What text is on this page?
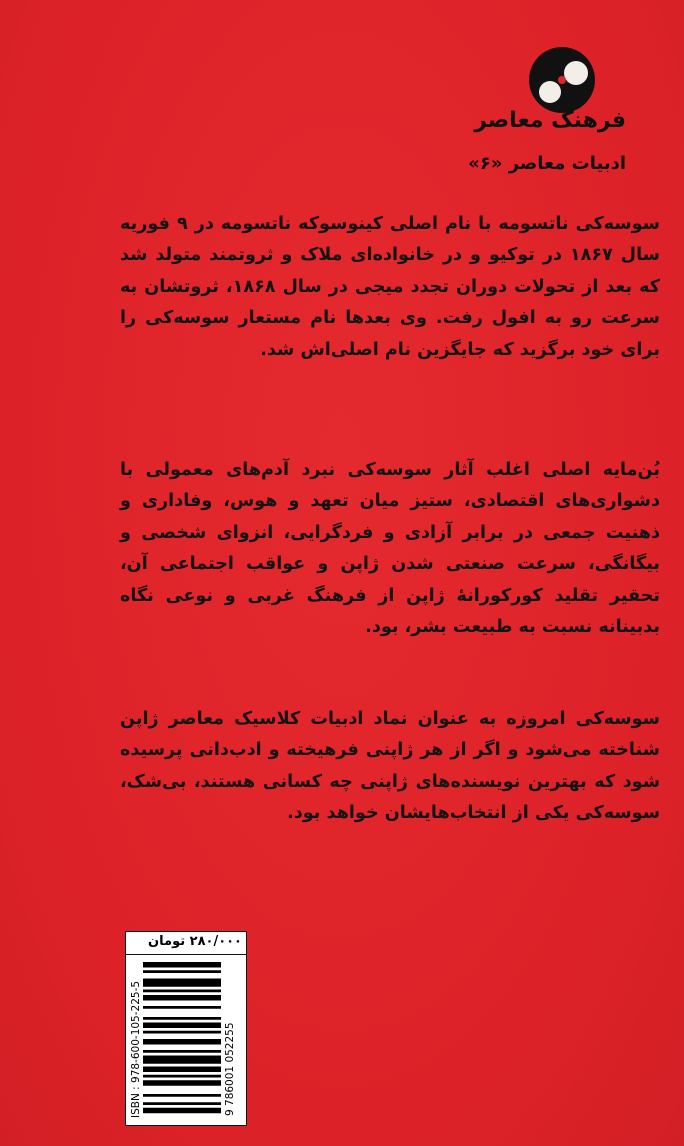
فرهنگ معاصر
ادبیات معاصر «۶»
سوسه‌کی ناتسومه با نام اصلی کینوسوکه ناتسومه در ۹ فوریه سال ۱۸۶۷ در توکیو و در خانواده‌ای ملاک و ثروتمند متولد شد که بعد از تحولات دوران تجدد میجی در سال ۱۸۶۸، ثروتشان به سرعت رو به افول رفت. وی بعدها نام مستعار سوسه‌کی را برای خود برگزید که جایگزین نام اصلی‌اش شد.
بُن‌مایه اصلی اغلب آثار سوسه‌کی نبرد آدم‌های معمولی با دشواری‌های اقتصادی، ستیز میان تعهد و هوس، وفاداری و ذهنیت جمعی در برابر آزادی و فردگرایی، انزوای شخصی و بیگانگی، سرعت صنعتی شدن ژاپن و عواقب اجتماعی آن، تحقیر تقلید کورکورانهٔ ژاپن از فرهنگ غربی و نوعی نگاه بدبینانه نسبت به طبیعت بشر، بود.
سوسه‌کی امروزه به عنوان نماد ادبیات کلاسیک معاصر ژاپن شناخته می‌شود و اگر از هر ژاپنی فرهیخته و ادب‌دانی پرسیده شود که بهترین نویسنده‌های ژاپنی چه کسانی هستند، بی‌شک، سوسه‌کی یکی از انتخاب‌هایشان خواهد بود.
۲۸۰/۰۰۰ تومان
ISBN : 978-600-105-225-5	9 786001 052255
